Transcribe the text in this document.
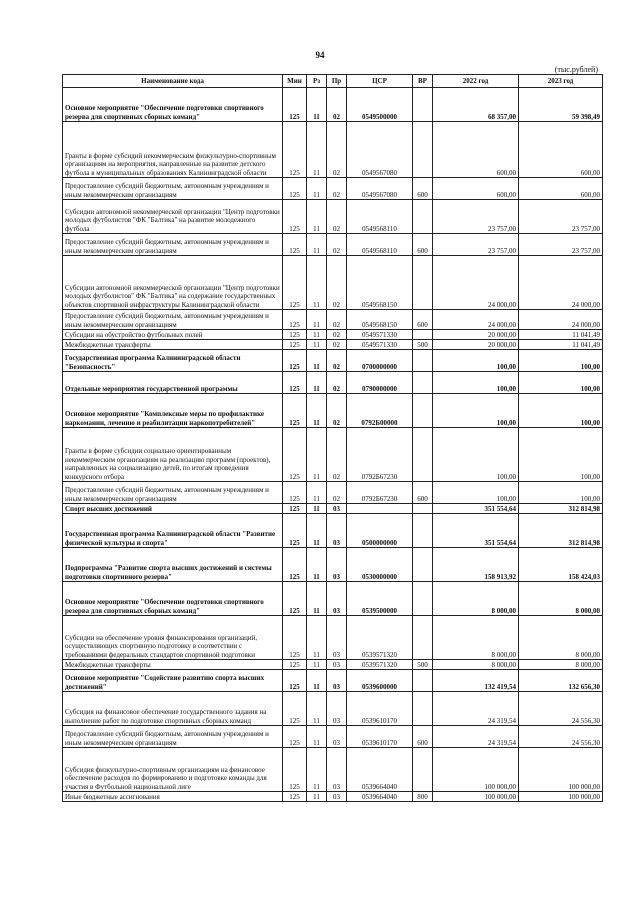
94
(тыс.рублей)
Наименование кода	Мин	Рз	Пр	ЦСР	ВР	2022 год	2023 год
Основное мероприятие "Обеспечение подготовки спортивного резерва для спортивных сборных команд"	125	11	02	0549500000		68 357,00	59 398,49
Гранты в форме субсидий некоммерческим физкультурно-спортивным организациям на мероприятия, направленные на развитие детского футбола в муниципальных образованиях Калининградской области	125	11	02	0549567080		600,00	600,00
Предоставление субсидий бюджетным, автономным учреждениям и иным некоммерческим организациям	125	11	02	0549567080	600	600,00	600,00
Субсидии автономной некоммерческой организации "Центр подготовки молодых футболистов "ФК "Балтика" на развитие молодежного футбола	125	11	02	0549568110		23 757,00	23 757,00
Предоставление субсидий бюджетным, автономным учреждениям и иным некоммерческим организациям	125	11	02	0549568110	600	23 757,00	23 757,00
Субсидии автономной некоммерческой организации "Центр подготовки молодых футболистов" ФК "Балтика" на содержание государственных объектов спортивной инфраструктуры Калининградской области	125	11	02	0549568150		24 000,00	24 000,00
Предоставление субсидий бюджетным, автономным учреждениям и иным некоммерческим организациям	125	11	02	0549568150	600	24 000,00	24 000,00
Субсидии на обустройство футбольных полей	125	11	02	0549571330		20 000,00	11 041,49
Межбюджетные трансферты	125	11	02	0549571330	500	20 000,00	11 041,49
Государственная программа Калининградской области "Безопасность"	125	11	02	0700000000		100,00	100,00
Отдельные мероприятия государственной программы	125	11	02	0790000000		100,00	100,00
Основное мероприятие "Комплексные меры по профилактике наркомании, лечению и реабилитации наркопотребителей"	125	11	02	0792Б00000		100,00	100,00
Гранты в форме субсидии социально ориентированным некоммерческим организациям на реализацию программ (проектов), направленных на социализацию детей, по итогам проведения конкурсного отбора	125	11	02	0792Б67230		100,00	100,00
Предоставление субсидий бюджетным, автономным учреждениям и иным некоммерческим организациям	125	11	02	0792Б67230	600	100,00	100,00
Спорт высших достижений	125	11	03			351 554,64	312 814,98
Государственная программа Калининградской области "Развитие физической культуры и спорта"	125	11	03	0500000000		351 554,64	312 814,98
Подпрограмма "Развитие спорта высших достижений и системы подготовки спортивного резерва"	125	11	03	0530000000		158 913,92	158 424,03
Основное мероприятие "Обеспечение подготовки спортивного резерва для спортивных сборных команд"	125	11	03	0539500000		8 000,00	8 000,00
Субсидии на обеспечение уровня финансирования организаций, осуществляющих спортивную подготовку в соответствии с требованиями федеральных стандартов спортивной подготовки	125	11	03	0539571320		8 000,00	8 000,00
Межбюджетные трансферты	125	11	03	0539571320	500	8 000,00	8 000,00
Основное мероприятие "Содействие развитию спорта высших достижений"	125	11	03	0539600000		132 419,54	132 656,30
Субсидия на финансовое обеспечение государственного задания на выполнение работ по подготовке спортивных сборных команд	125	11	03	0539610170		24 319,54	24 556,30
Предоставление субсидий бюджетным, автономным учреждениям и иным некоммерческим организациям	125	11	03	0539610170	600	24 319,54	24 556,30
Субсидия физкультурно-спортивным организациям на финансовое обеспечение расходов по формированию и подготовке команды для участия в Футбольной национальной лиге	125	11	03	0539664040		100 000,00	100 000,00
Иные бюджетные ассигнования	125	11	03	0539664040	800	100 000,00	100 000,00
